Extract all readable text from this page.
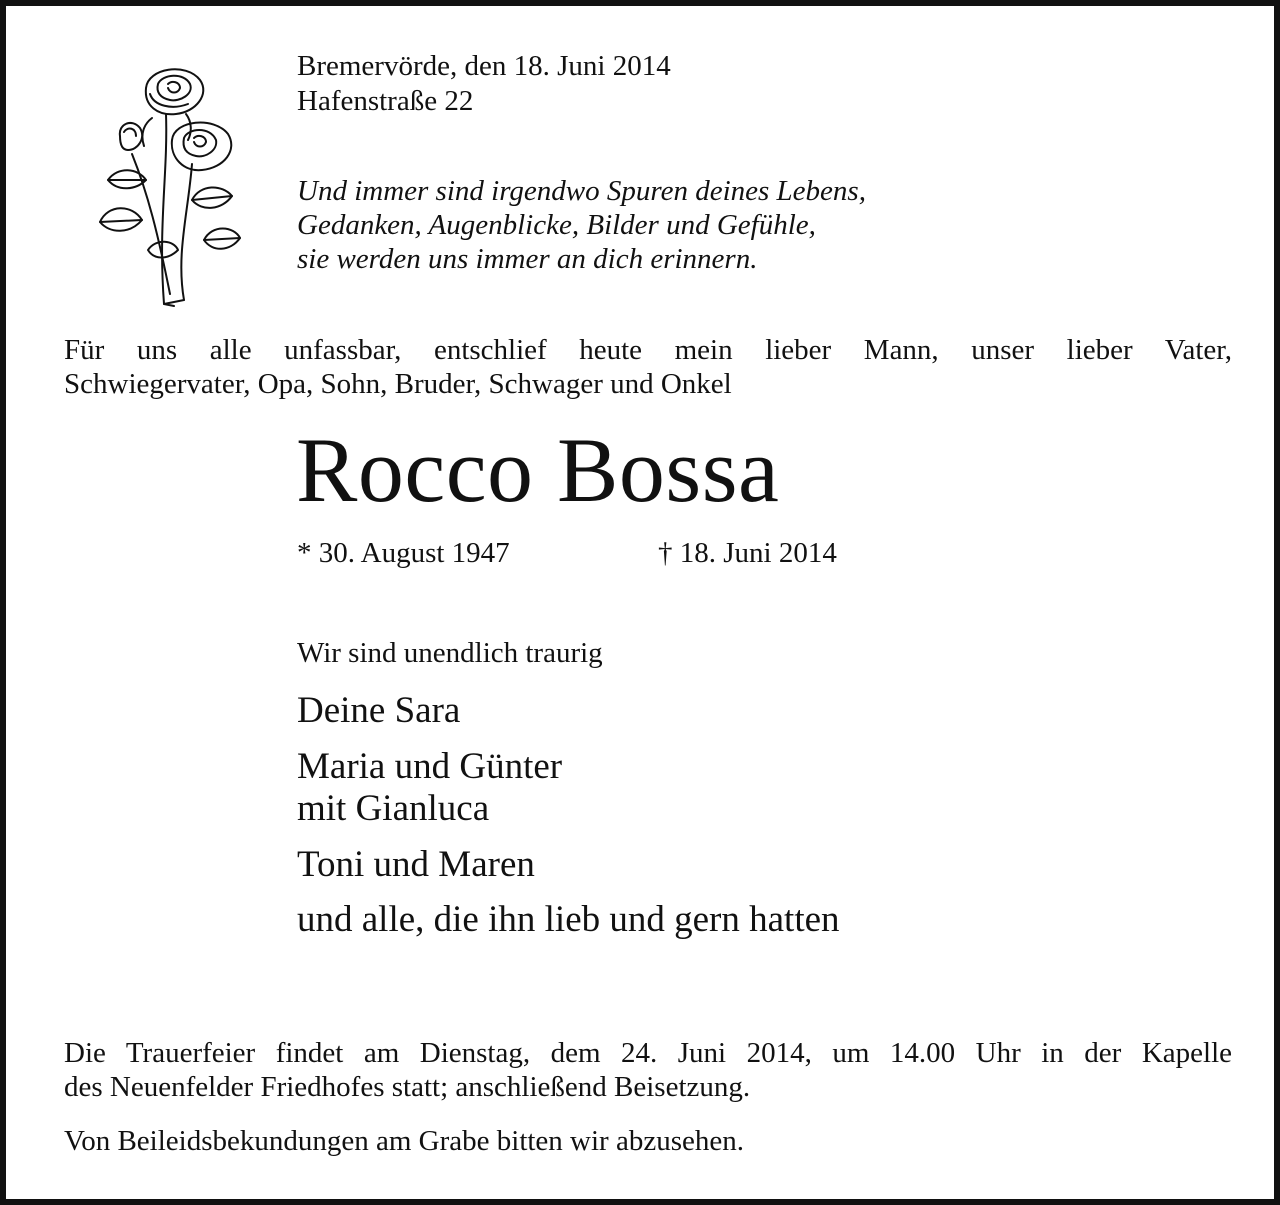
Bremervörde, den 18. Juni 2014
Hafenstraße 22
Und immer sind irgendwo Spuren deines Lebens,
Gedanken, Augenblicke, Bilder und Gefühle,
sie werden uns immer an dich erinnern.
Für uns alle unfassbar, entschlief heute mein lieber Mann, unser lieber Vater,
Schwiegervater, Opa, Sohn, Bruder, Schwager und Onkel
Rocco Bossa
* 30. August 1947	† 18. Juni 2014
Wir sind unendlich traurig
Deine Sara
Maria und Günter
mit Gianluca
Toni und Maren
und alle, die ihn lieb und gern hatten
Die Trauerfeier findet am Dienstag, dem 24. Juni 2014, um 14.00 Uhr in der Kapelle
des Neuenfelder Friedhofes statt; anschließend Beisetzung.
Von Beileidsbekundungen am Grabe bitten wir abzusehen.
